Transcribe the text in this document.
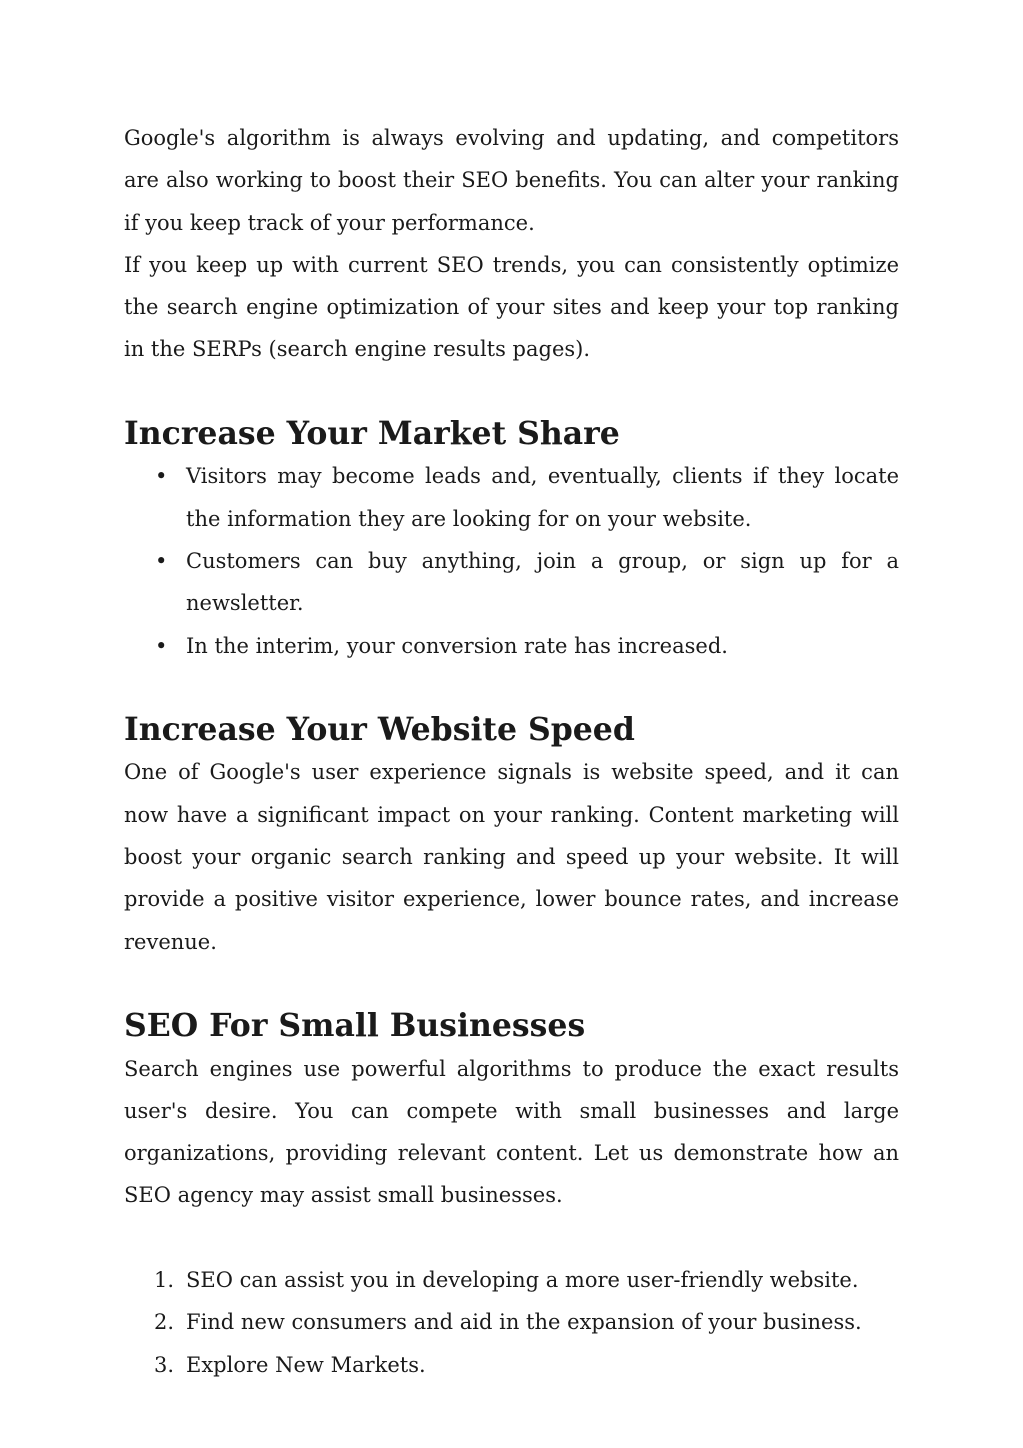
Google's algorithm is always evolving and updating, and competitors are also working to boost their SEO benefits. You can alter your ranking if you keep track of your performance.

If you keep up with current SEO trends, you can consistently optimize the search engine optimization of your sites and keep your top ranking in the SERPs (search engine results pages).

Increase Your Market Share
• Visitors may become leads and, eventually, clients if they locate the information they are looking for on your website.
• Customers can buy anything, join a group, or sign up for a newsletter.
• In the interim, your conversion rate has increased.
Increase Your Website Speed

One of Google's user experience signals is website speed, and it can now have a significant impact on your ranking. Content marketing will boost your organic search ranking and speed up your website. It will provide a positive visitor experience, lower bounce rates, and increase revenue.

SEO For Small Businesses

Search engines use powerful algorithms to produce the exact results user's desire. You can compete with small businesses and large organizations, providing relevant content. Let us demonstrate how an SEO agency may assist small businesses.

1. SEO can assist you in developing a more user-friendly website.
2. Find new consumers and aid in the expansion of your business.
3. Explore New Markets.
